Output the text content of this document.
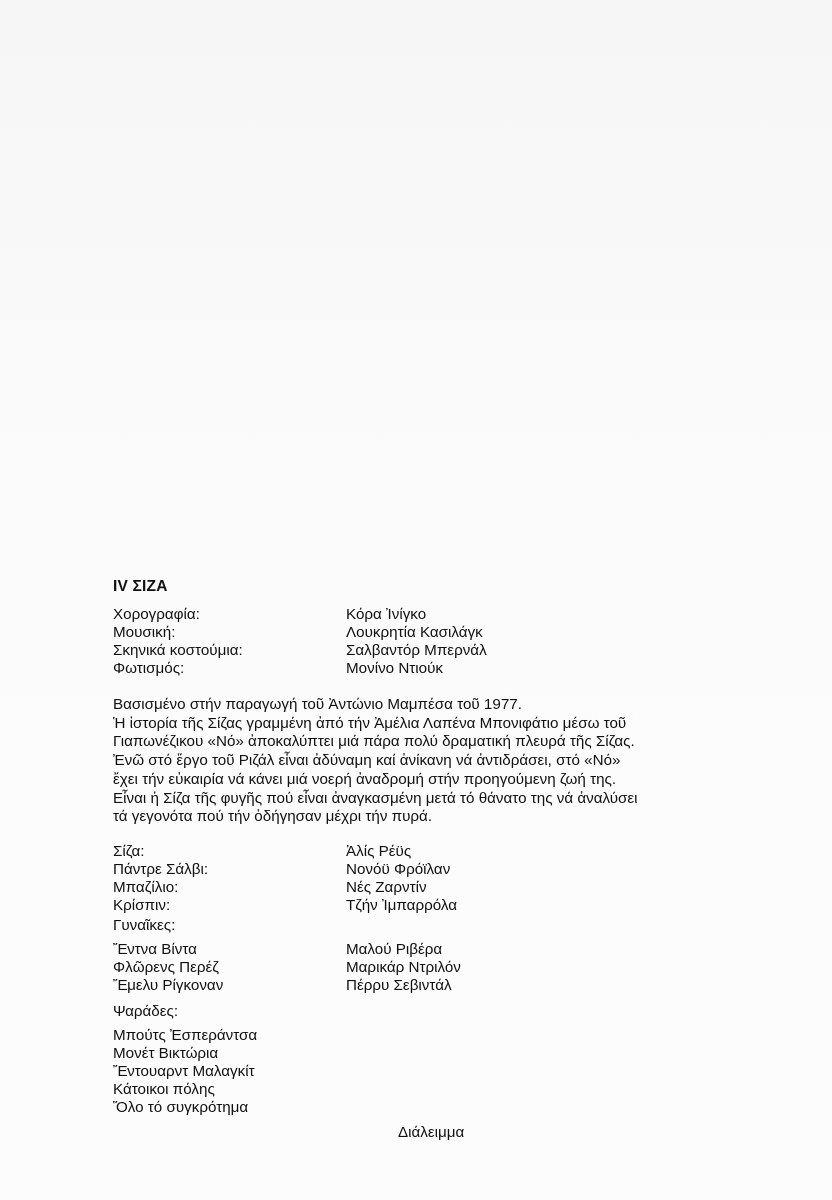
IV ΣΙΖΑ
Χορογραφία:	Κόρα Ἰνίγκο
Μουσική:	Λουκρητία Κασιλάγκ
Σκηνικά κοστούμια:	Σαλβαντόρ Μπερνάλ
Φωτισμός:	Μονίνο Ντιούκ
Βασισμένο στήν παραγωγή τοῦ Ἀντώνιο Μαμπέσα τοῦ 1977.
Ἡ ἱστορία τῆς Σίζας γραμμένη ἀπό τήν Ἀμέλια Λαπένα Μπονιφάτιο μέσω τοῦ
Γιαπωνέζικου «Νό» ἀποκαλύπτει μιά πάρα πολύ δραματική πλευρά τῆς Σίζας.
Ἐνῶ στό ἔργο τοῦ Ριζάλ εἶναι ἀδύναμη καί ἀνίκανη νά ἀντιδράσει, στό «Νό»
ἔχει τήν εὐκαιρία νά κάνει μιά νοερή ἀναδρομή στήν προηγούμενη ζωή της.
Εἶναι ἡ Σίζα τῆς φυγῆς πού εἶναι ἀναγκασμένη μετά τό θάνατο της νά ἀναλύσει
τά γεγονότα πού τήν ὁδήγησαν μέχρι τήν πυρά.
Σίζα:	Ἀλίς Ρέϋς
Πάντρε Σάλβι:	Νονόϋ Φρόϊλαν
Μπαζίλιο:	Νές Ζαρντίν
Κρίσπιν:	Τζήν Ἰμπαρρόλα
Γυναῖκες:
Ἔντνα Βίντα	Μαλού Ριβέρα
Φλῶρενς Περέζ	Μαρικάρ Ντριλόν
Ἔμελυ Ρίγκοναν	Πέρρυ Σεβιντάλ
Ψαράδες:
Μπούτς Ἐσπεράντσα
Μονέτ Βικτώρια
Ἔντουαρντ Μαλαγκίτ
Κάτοικοι πόλης
Ὅλο τό συγκρότημα
Διάλειμμα
